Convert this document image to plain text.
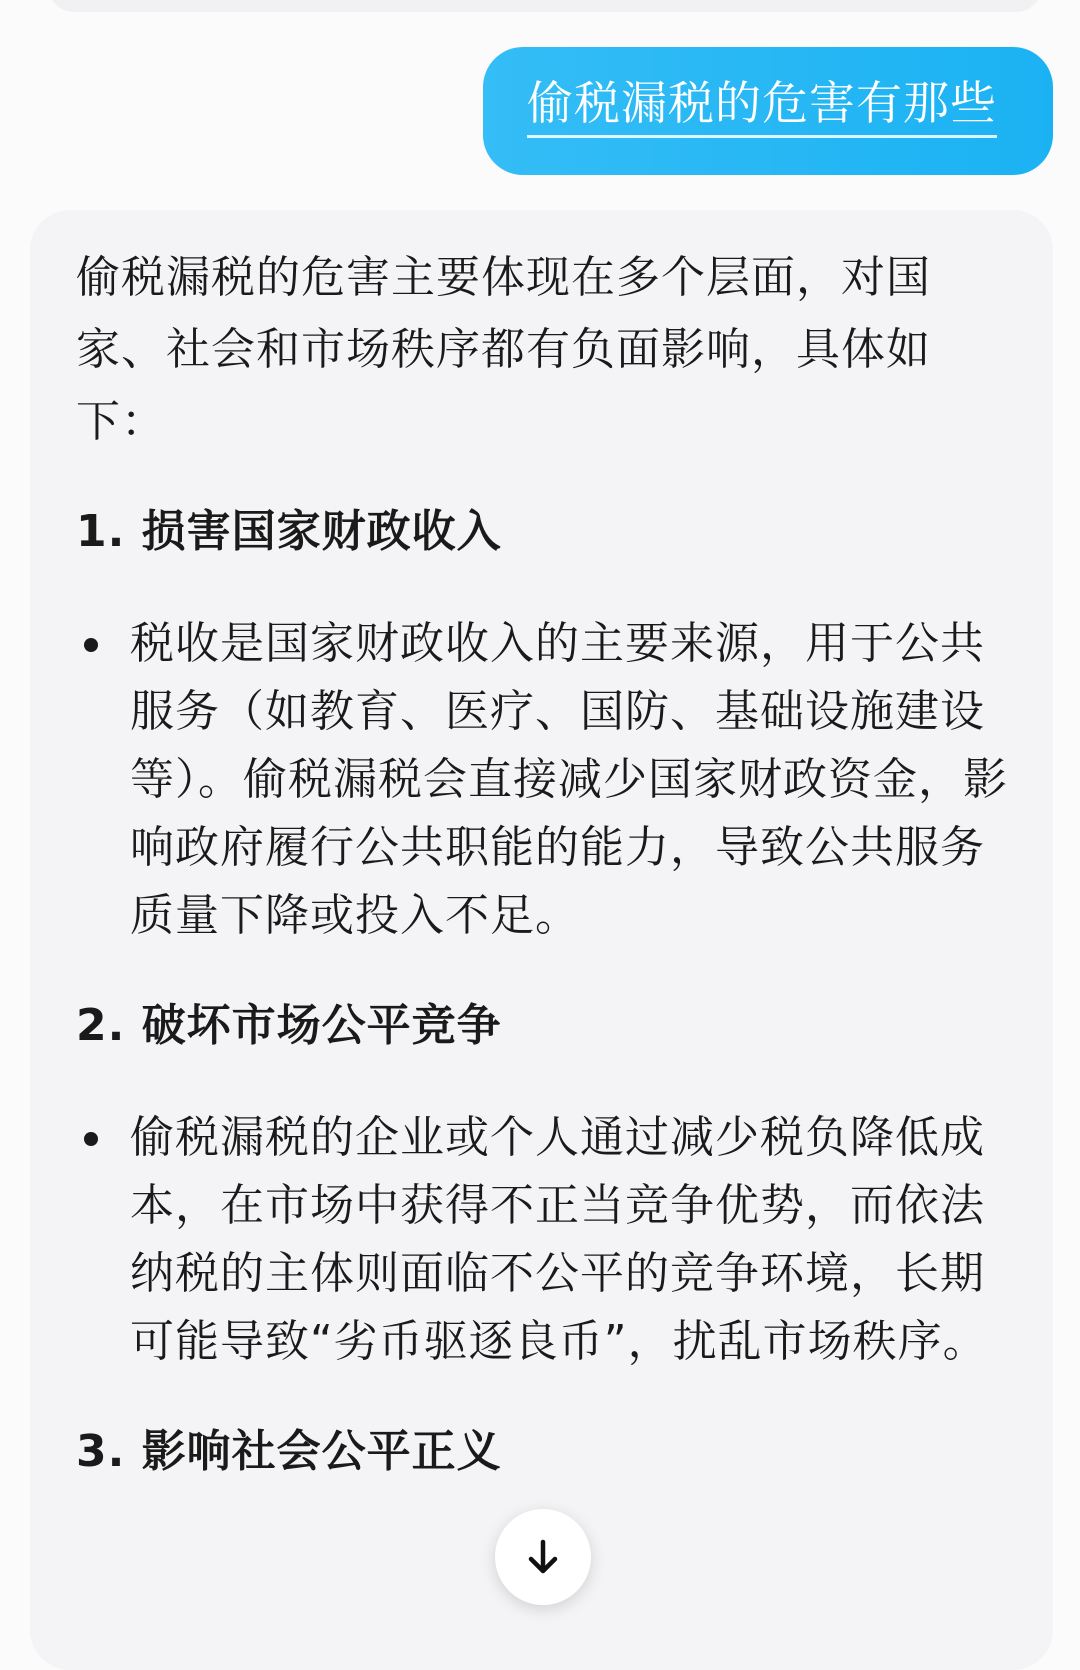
偷税漏税的危害有那些

偷税漏税的危害主要体现在多个层面，对国家、社会和市场秩序都有负面影响，具体如下：

1. 损害国家财政收入

税收是国家财政收入的主要来源，用于公共服务（如教育、医疗、国防、基础设施建设等）。偷税漏税会直接减少国家财政资金，影响政府履行公共职能的能力，导致公共服务质量下降或投入不足。

2. 破坏市场公平竞争

偷税漏税的企业或个人通过减少税负降低成本，在市场中获得不正当竞争优势，而依法纳税的主体则面临不公平的竞争环境，长期可能导致“劣币驱逐良币”，扰乱市场秩序。

3. 影响社会公平正义
